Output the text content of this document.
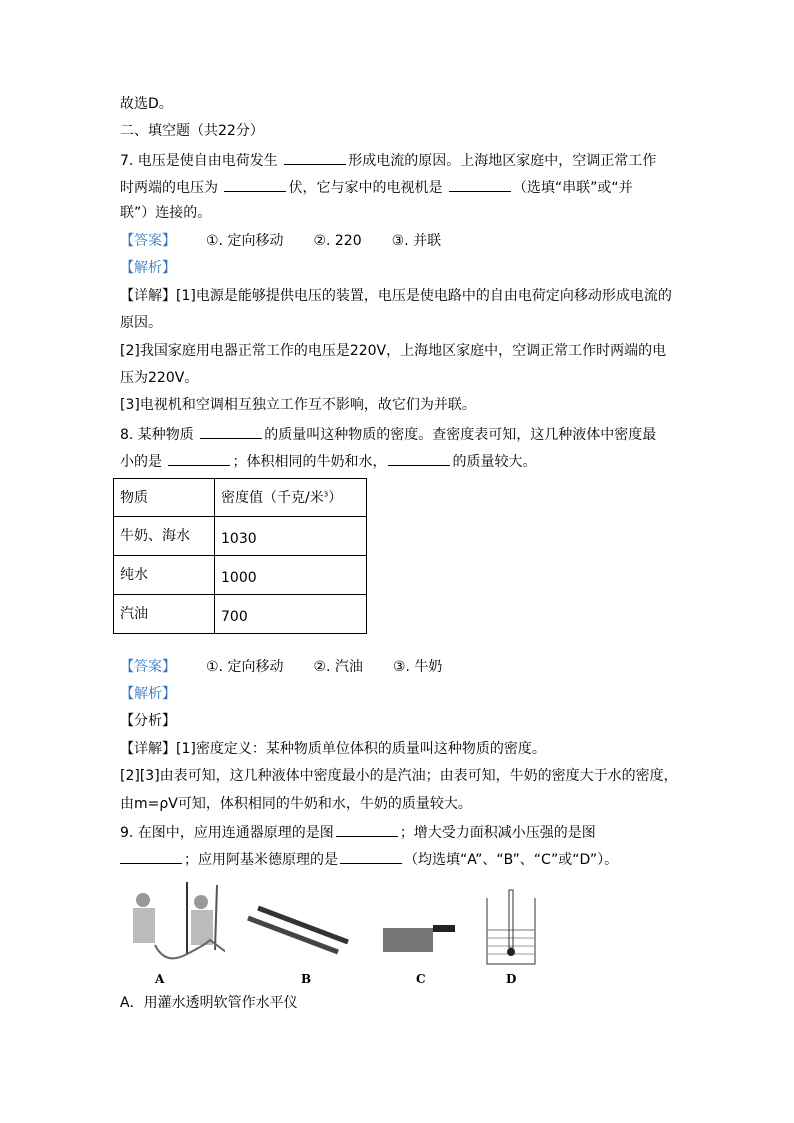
故选D。
二、填空题（共22分）
7. 电压是使自由电荷发生	形成电流的原因。上海地区家庭中，空调正常工作
时两端的电压为	伏，它与家中的电视机是	（选填“串联”或“并
联”）连接的。
【答案】 ①. 定向移动 ②. 220 ③. 并联
【解析】
【详解】[1]电源是能够提供电压的装置，电压是使电路中的自由电荷定向移动形成电流的
原因。
[2]我国家庭用电器正常工作的电压是220V，上海地区家庭中，空调正常工作时两端的电
压为220V。
[3]电视机和空调相互独立工作互不影响，故它们为并联。
8. 某种物质	的质量叫这种物质的密度。查密度表可知，这几种液体中密度最
小的是	；体积相同的牛奶和水，	的质量较大。
物质	密度值（千克/米$^3$）
牛奶、海水	1030
纯水	1000
汽油	700
【答案】 ①. 定向移动 ②. 汽油 ③. 牛奶
【解析】
【分析】
【详解】[1]密度定义：某种物质单位体积的质量叫这种物质的密度。
[2][3]由表可知，这几种液体中密度最小的是汽油；由表可知，牛奶的密度大于水的密度，
由m=ρV可知，体积相同的牛奶和水，牛奶的质量较大。
9. 在图中，应用连通器原理的是图	；增大受力面积减小压强的是图
；应用阿基米德原理的是	（均选填“A”、“B”、“C”或“D”）。
A	B	C	D
A．用灌水透明软管作水平仪
